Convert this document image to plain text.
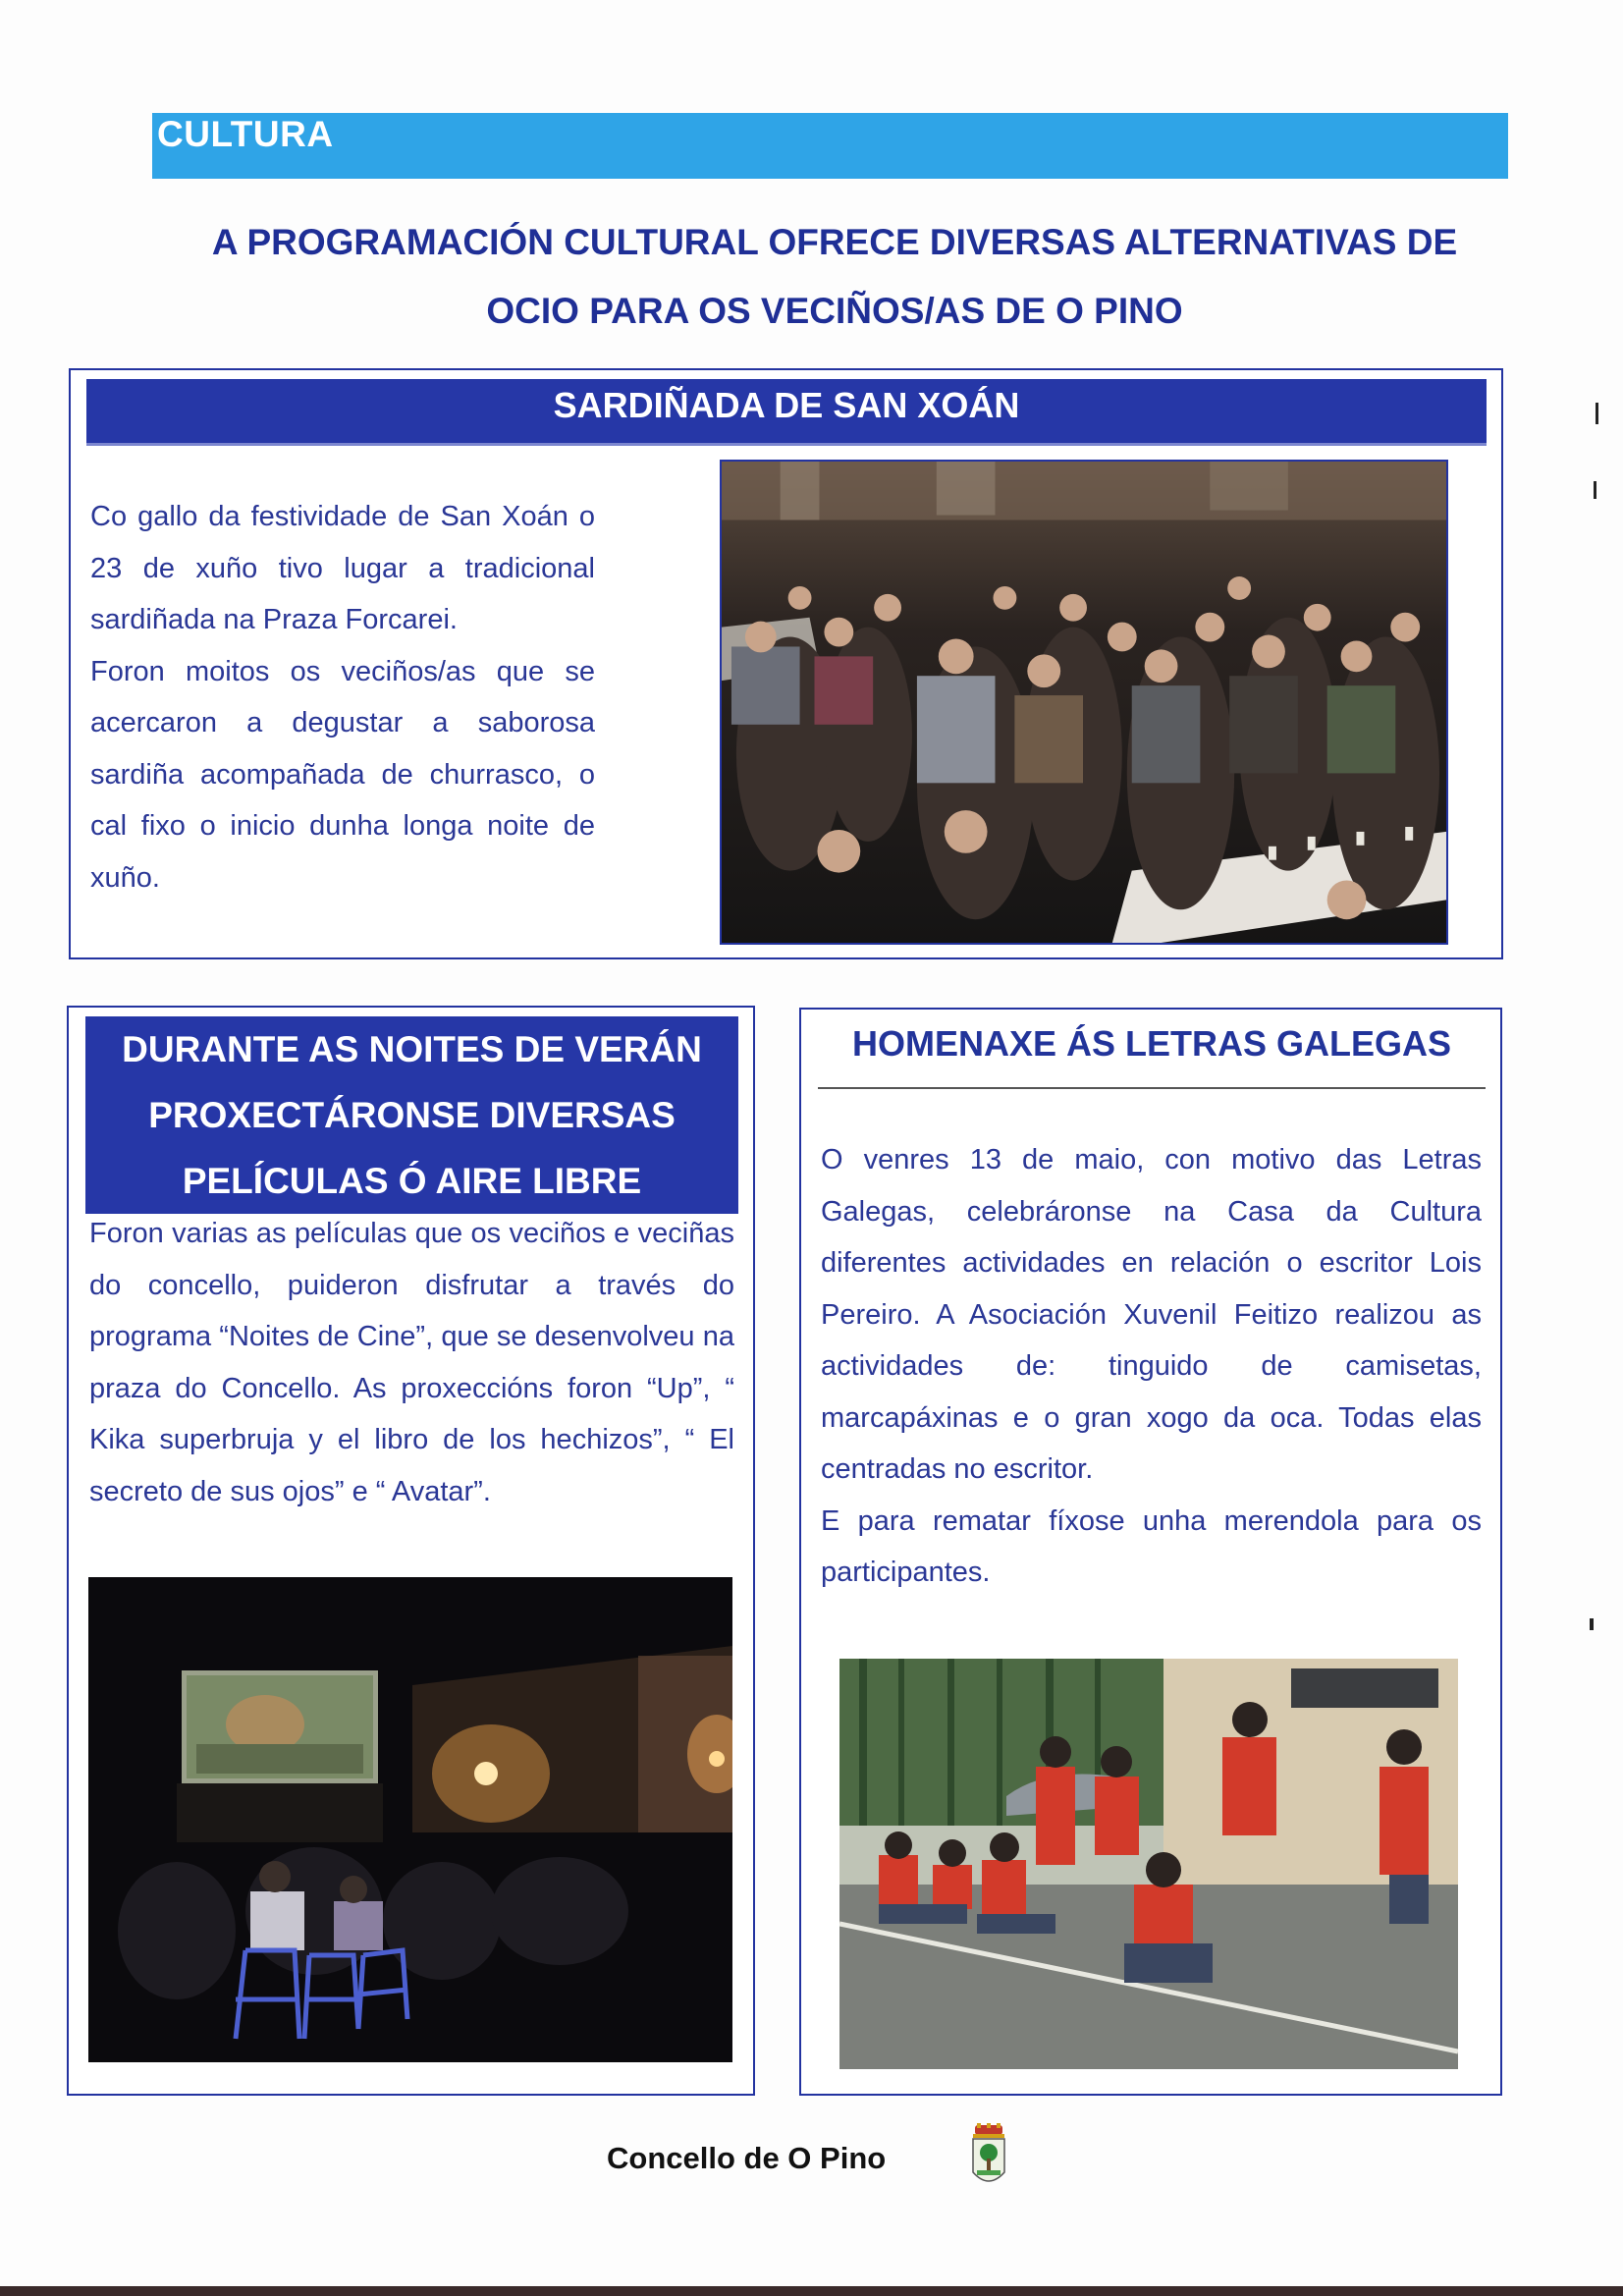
CULTURA
A PROGRAMACIÓN CULTURAL OFRECE DIVERSAS ALTERNATIVAS DE
OCIO PARA OS VECIÑOS/AS DE O PINO
SARDIÑADA DE SAN XOÁN

Co gallo da festividade de San Xoán o 23 de xuño tivo lugar a tradicional sardiñada na Praza Forcarei.

Foron moitos os veciños/as que se acercaron a degustar a saborosa sardiña acompañada de churrasco, o cal fixo o inicio dunha longa noite de xuño.

DURANTE AS NOITES DE VERÁN
PROXECTÁRONSE DIVERSAS
PELÍCULAS Ó AIRE LIBRE

Foron varias as películas que os veciños e veciñas do concello, puideron disfrutar a través do programa “Noites de Cine”, que se desenvolveu na praza do Concello. As proxeccións foron “Up”, “ Kika superbruja y el libro de los hechizos”, “ El secreto de sus ojos” e “ Avatar”.

HOMENAXE ÁS LETRAS GALEGAS

O venres 13 de maio, con motivo das Letras Galegas, celebráronse na Casa da Cultura diferentes actividades en relación o escritor Lois Pereiro. A Asociación Xuvenil Feitizo realizou as actividades de: tinguido de camisetas, marcapáxinas e o gran xogo da oca. Todas elas centradas no escritor.

E para rematar fíxose unha merendola para os participantes.

Concello de O Pino
